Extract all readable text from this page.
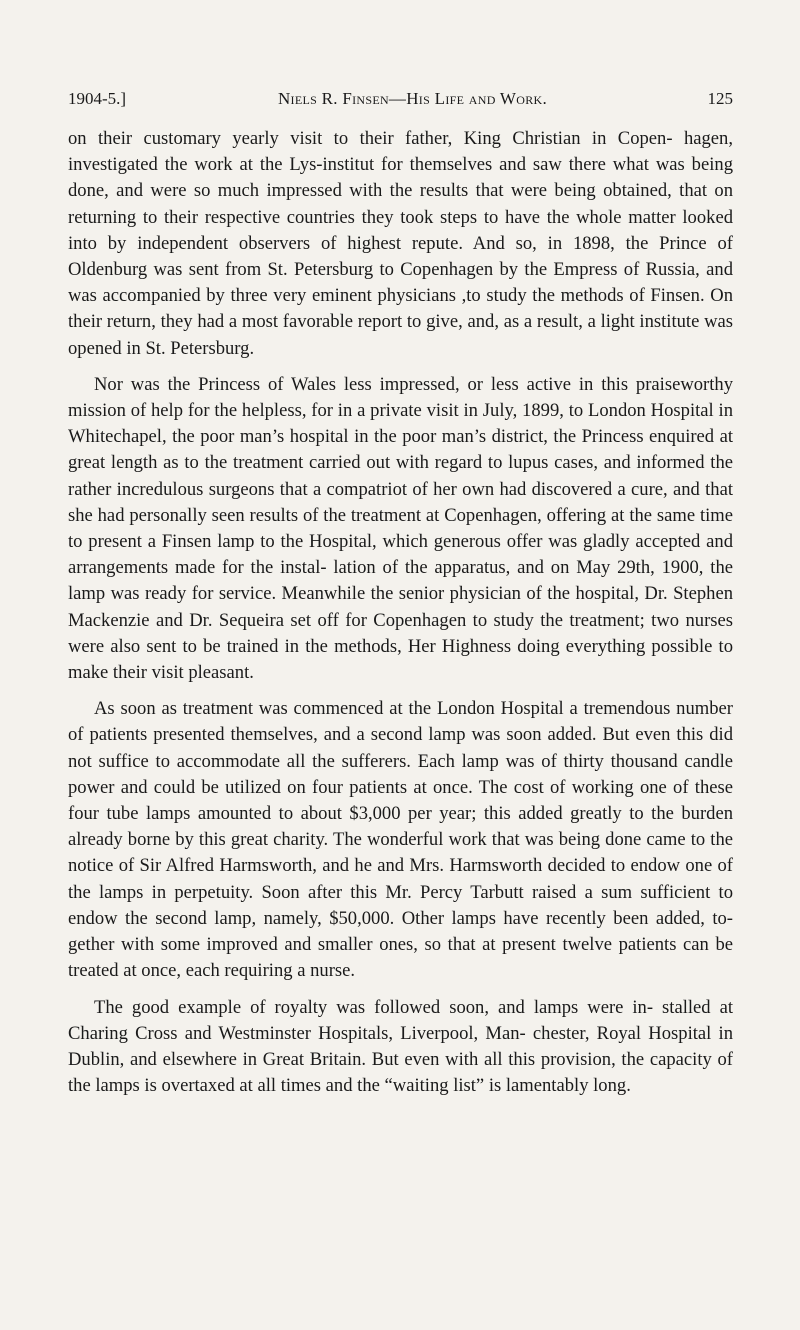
1904-5.]	Niels R. Finsen—His Life and Work.	125

on their customary yearly visit to their father, King Christian in Copen- hagen, investigated the work at the Lys-institut for themselves and saw there what was being done, and were so much impressed with the results that were being obtained, that on returning to their respective countries they took steps to have the whole matter looked into by independent observers of highest repute. And so, in 1898, the Prince of Oldenburg was sent from St. Petersburg to Copenhagen by the Empress of Russia, and was accompanied by three very eminent physicians ,to study the methods of Finsen. On their return, they had a most favorable report to give, and, as a result, a light institute was opened in St. Petersburg.

Nor was the Princess of Wales less impressed, or less active in this praiseworthy mission of help for the helpless, for in a private visit in July, 1899, to London Hospital in Whitechapel, the poor man’s hospital in the poor man’s district, the Princess enquired at great length as to the treatment carried out with regard to lupus cases, and informed the rather incredulous surgeons that a compatriot of her own had discovered a cure, and that she had personally seen results of the treatment at Copenhagen, offering at the same time to present a Finsen lamp to the Hospital, which generous offer was gladly accepted and arrangements made for the instal- lation of the apparatus, and on May 29th, 1900, the lamp was ready for service. Meanwhile the senior physician of the hospital, Dr. Stephen Mackenzie and Dr. Sequeira set off for Copenhagen to study the treatment; two nurses were also sent to be trained in the methods, Her Highness doing everything possible to make their visit pleasant.

As soon as treatment was commenced at the London Hospital a tremendous number of patients presented themselves, and a second lamp was soon added. But even this did not suffice to accommodate all the sufferers. Each lamp was of thirty thousand candle power and could be utilized on four patients at once. The cost of working one of these four tube lamps amounted to about $3,000 per year; this added greatly to the burden already borne by this great charity. The wonderful work that was being done came to the notice of Sir Alfred Harmsworth, and he and Mrs. Harmsworth decided to endow one of the lamps in perpetuity. Soon after this Mr. Percy Tarbutt raised a sum sufficient to endow the second lamp, namely, $50,000. Other lamps have recently been added, to- gether with some improved and smaller ones, so that at present twelve patients can be treated at once, each requiring a nurse.

The good example of royalty was followed soon, and lamps were in- stalled at Charing Cross and Westminster Hospitals, Liverpool, Man- chester, Royal Hospital in Dublin, and elsewhere in Great Britain. But even with all this provision, the capacity of the lamps is overtaxed at all times and the “waiting list” is lamentably long.
